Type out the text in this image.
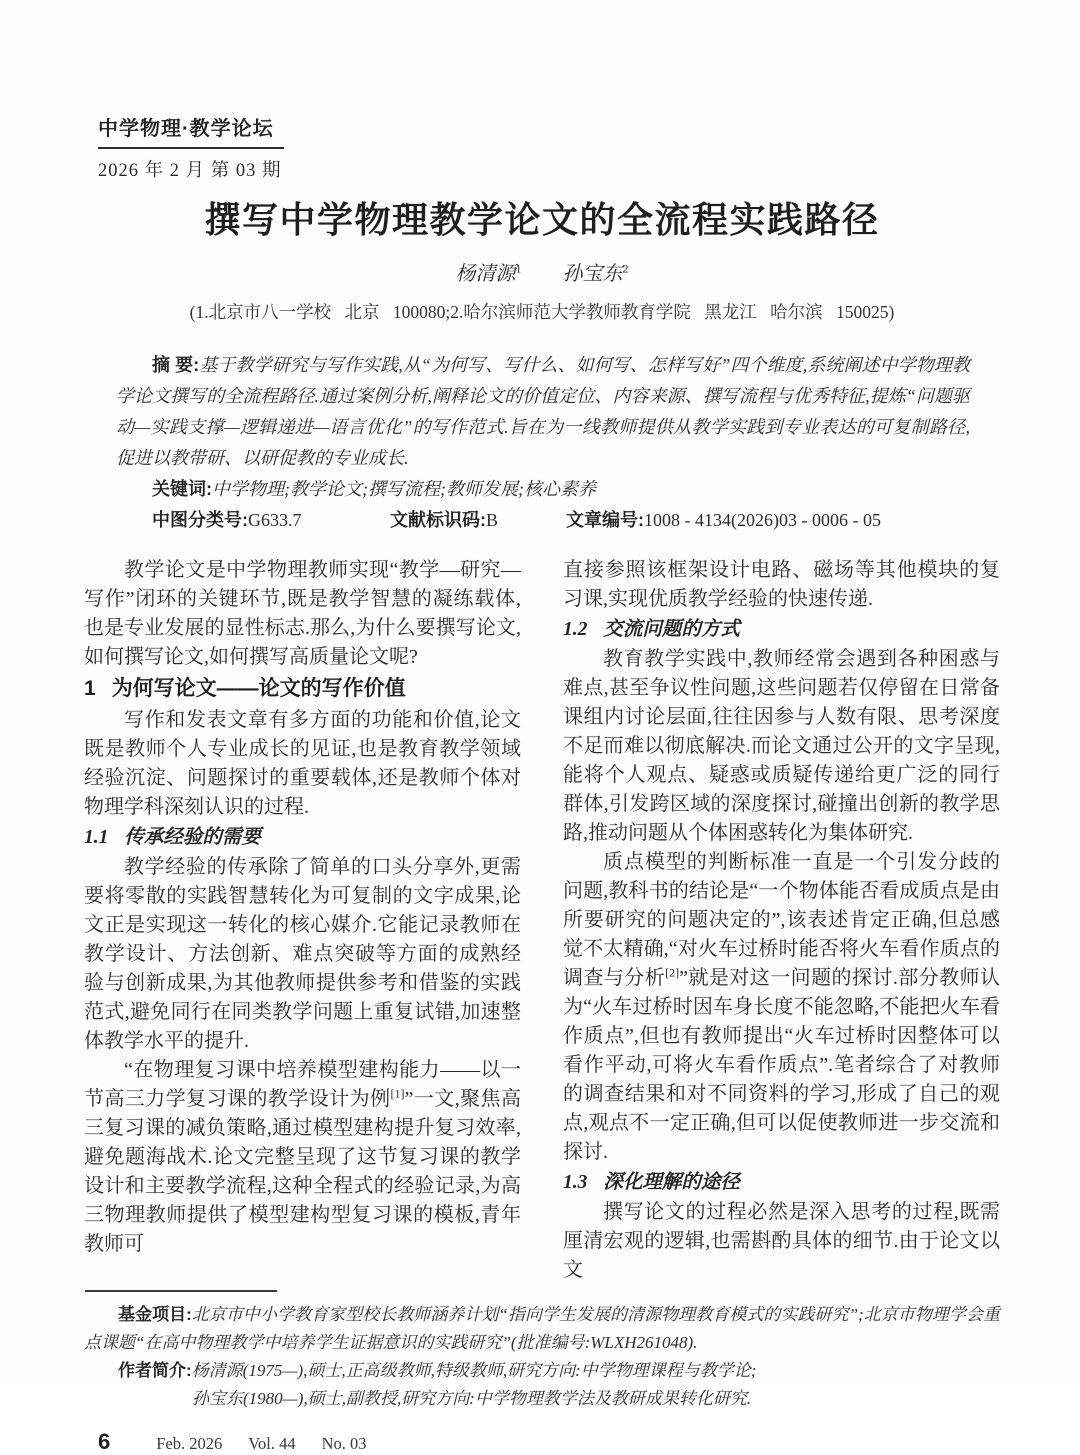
中学物理·教学论坛
2026 年 2 月 第 03 期
撰写中学物理教学论文的全流程实践路径
杨清源$^1$ 孙宝东$^2$
(1.北京市八一学校 北京 100080;2.哈尔滨师范大学教师教育学院 黑龙江 哈尔滨 150025)

摘 要:基于教学研究与写作实践,从“为何写、写什么、如何写、怎样写好”四个维度,系统阐述中学物理教学论文撰写的全流程路径.通过案例分析,阐释论文的价值定位、内容来源、撰写流程与优秀特征,提炼“问题驱动—实践支撑—逻辑递进—语言优化”的写作范式.旨在为一线教师提供从教学实践到专业表达的可复制路径,促进以教带研、以研促教的专业成长.

关键词:中学物理;教学论文;撰写流程;教师发展;核心素养

中图分类号:G633.7	文献标识码:B	文章编号:1008 - 4134(2026)03 - 0006 - 05

教学论文是中学物理教师实现“教学—研究—写作”闭环的关键环节,既是教学智慧的凝练载体,也是专业发展的显性标志.那么,为什么要撰写论文,如何撰写论文,如何撰写高质量论文呢?

1 为何写论文——论文的写作价值

写作和发表文章有多方面的功能和价值,论文既是教师个人专业成长的见证,也是教育教学领域经验沉淀、问题探讨的重要载体,还是教师个体对物理学科深刻认识的过程.

1.1 传承经验的需要

教学经验的传承除了简单的口头分享外,更需要将零散的实践智慧转化为可复制的文字成果,论文正是实现这一转化的核心媒介.它能记录教师在教学设计、方法创新、难点突破等方面的成熟经验与创新成果,为其他教师提供参考和借鉴的实践范式,避免同行在同类教学问题上重复试错,加速整体教学水平的提升.

“在物理复习课中培养模型建构能力——以一节高三力学复习课的教学设计为例[1]”一文,聚焦高三复习课的减负策略,通过模型建构提升复习效率,避免题海战术.论文完整呈现了这节复习课的教学设计和主要教学流程,这种全程式的经验记录,为高三物理教师提供了模型建构型复习课的模板,青年教师可

直接参照该框架设计电路、磁场等其他模块的复习课,实现优质教学经验的快速传递.

1.2 交流问题的方式

教育教学实践中,教师经常会遇到各种困惑与难点,甚至争议性问题,这些问题若仅停留在日常备课组内讨论层面,往往因参与人数有限、思考深度不足而难以彻底解决.而论文通过公开的文字呈现,能将个人观点、疑惑或质疑传递给更广泛的同行群体,引发跨区域的深度探讨,碰撞出创新的教学思路,推动问题从个体困惑转化为集体研究.

质点模型的判断标准一直是一个引发分歧的问题,教科书的结论是“一个物体能否看成质点是由所要研究的问题决定的”,该表述肯定正确,但总感觉不太精确,“对火车过桥时能否将火车看作质点的调查与分析[2]”就是对这一问题的探讨.部分教师认为“火车过桥时因车身长度不能忽略,不能把火车看作质点”,但也有教师提出“火车过桥时因整体可以看作平动,可将火车看作质点”.笔者综合了对教师的调查结果和对不同资料的学习,形成了自己的观点,观点不一定正确,但可以促使教师进一步交流和探讨.

1.3 深化理解的途径

撰写论文的过程必然是深入思考的过程,既需厘清宏观的逻辑,也需斟酌具体的细节.由于论文以文

基金项目:北京市中小学教育家型校长教师涵养计划“指向学生发展的清源物理教育模式的实践研究”;北京市物理学会重点课题“在高中物理教学中培养学生证据意识的实践研究”(批准编号:WLXH261048).

作者简介:杨清源(1975—),硕士,正高级教师,特级教师,研究方向:中学物理课程与教学论;

孙宝东(1980—),硕士,副教授,研究方向:中学物理教学法及教研成果转化研究.

6	Feb. 2026 Vol. 44 No. 03
